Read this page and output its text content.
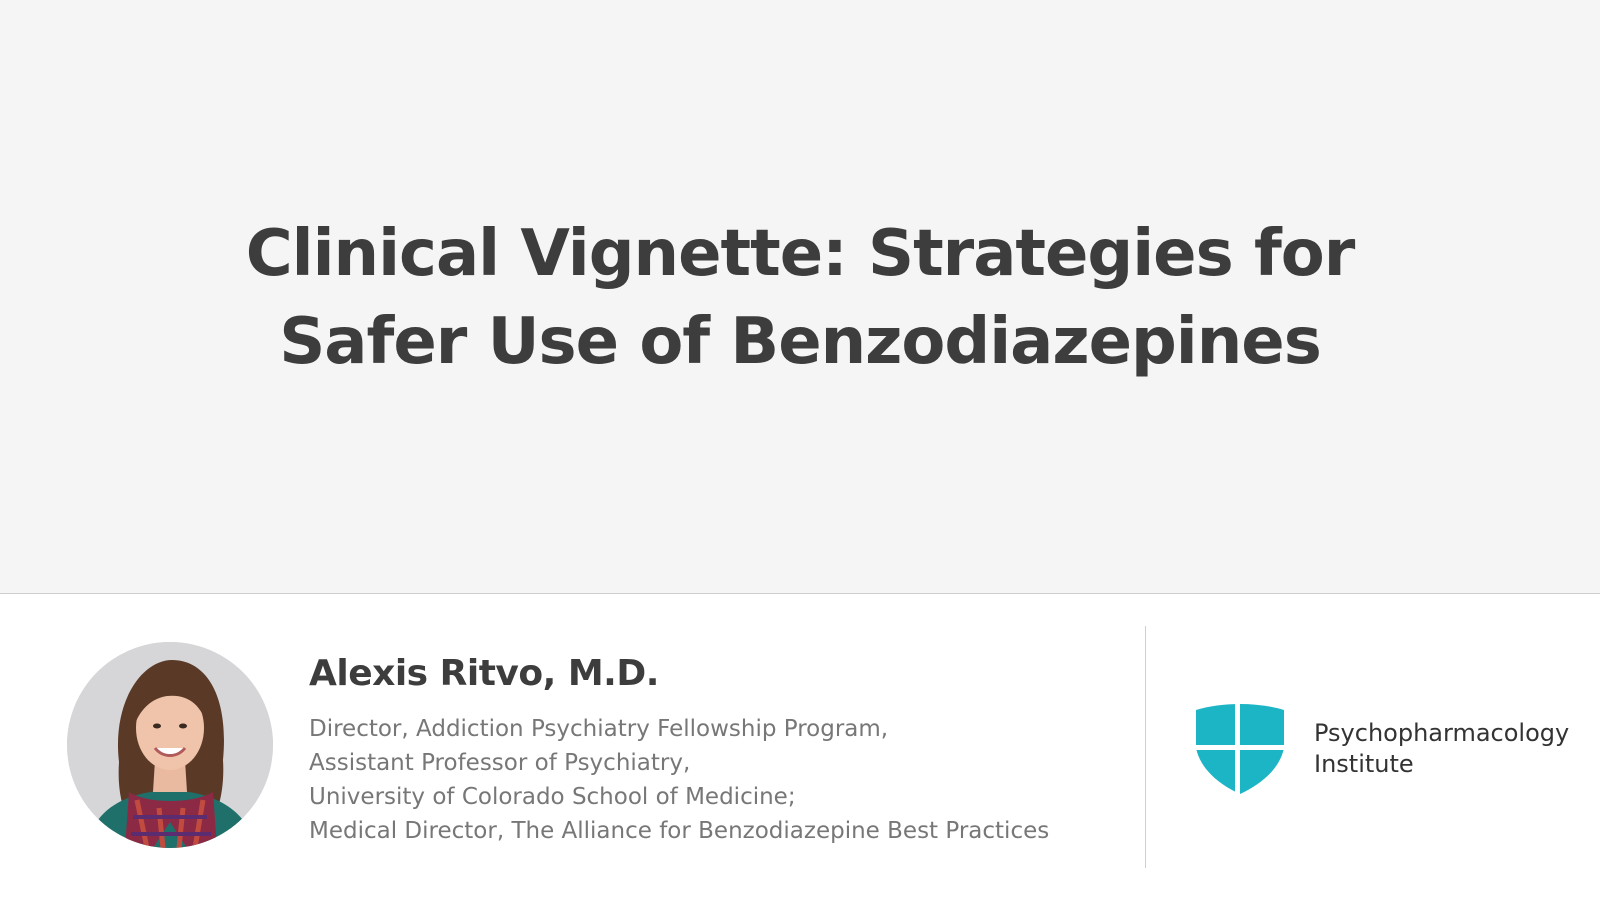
Clinical Vignette: Strategies for Safer Use of Benzodiazepines
Alexis Ritvo, M.D.
Director, Addiction Psychiatry Fellowship Program,
Assistant Professor of Psychiatry,
University of Colorado School of Medicine;
Medical Director, The Alliance for Benzodiazepine Best Practices
Psychopharmacology
Institute
